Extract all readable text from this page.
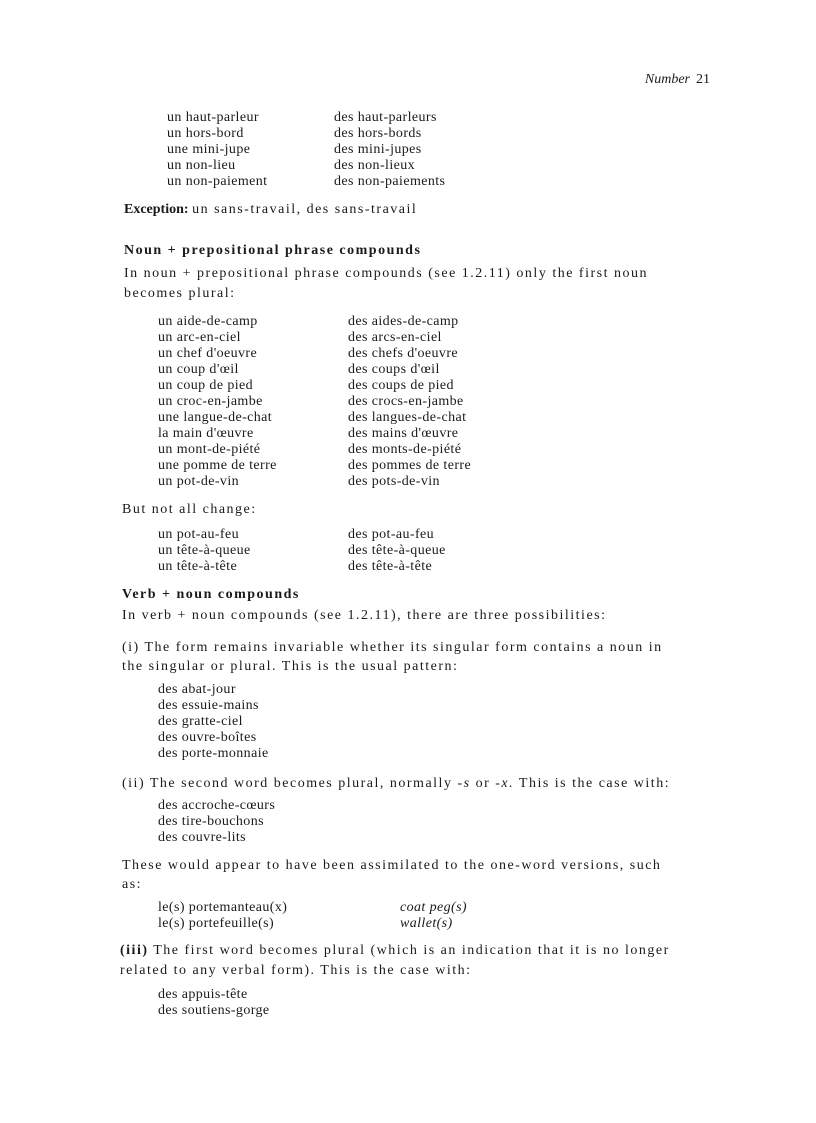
Number 21
un haut-parleur	des haut-parleurs
un hors-bord	des hors-bords
une mini-jupe	des mini-jupes
un non-lieu	des non-lieux
un non-paiement	des non-paiements
Exception: un sans-travail, des sans-travail
Noun + prepositional phrase compounds
In noun + prepositional phrase compounds (see 1.2.11) only the first noun
becomes plural:
un aide-de-camp	des aides-de-camp
un arc-en-ciel	des arcs-en-ciel
un chef d'oeuvre	des chefs d'oeuvre
un coup d'œil	des coups d'œil
un coup de pied	des coups de pied
un croc-en-jambe	des crocs-en-jambe
une langue-de-chat	des langues-de-chat
la main d'œuvre	des mains d'œuvre
un mont-de-piété	des monts-de-piété
une pomme de terre	des pommes de terre
un pot-de-vin	des pots-de-vin
But not all change:
un pot-au-feu	des pot-au-feu
un tête-à-queue	des tête-à-queue
un tête-à-tête	des tête-à-tête
Verb + noun compounds
In verb + noun compounds (see 1.2.11), there are three possibilities:
(i) The form remains invariable whether its singular form contains a noun in
the singular or plural. This is the usual pattern:
des abat-jour
des essuie-mains
des gratte-ciel
des ouvre-boîtes
des porte-monnaie
(ii) The second word becomes plural, normally -s or -x. This is the case with:
des accroche-cœurs
des tire-bouchons
des couvre-lits
These would appear to have been assimilated to the one-word versions, such
as:
le(s) portemanteau(x)	coat peg(s)
le(s) portefeuille(s)	wallet(s)
(iii) The first word becomes plural (which is an indication that it is no longer
related to any verbal form). This is the case with:
des appuis-tête
des soutiens-gorge
